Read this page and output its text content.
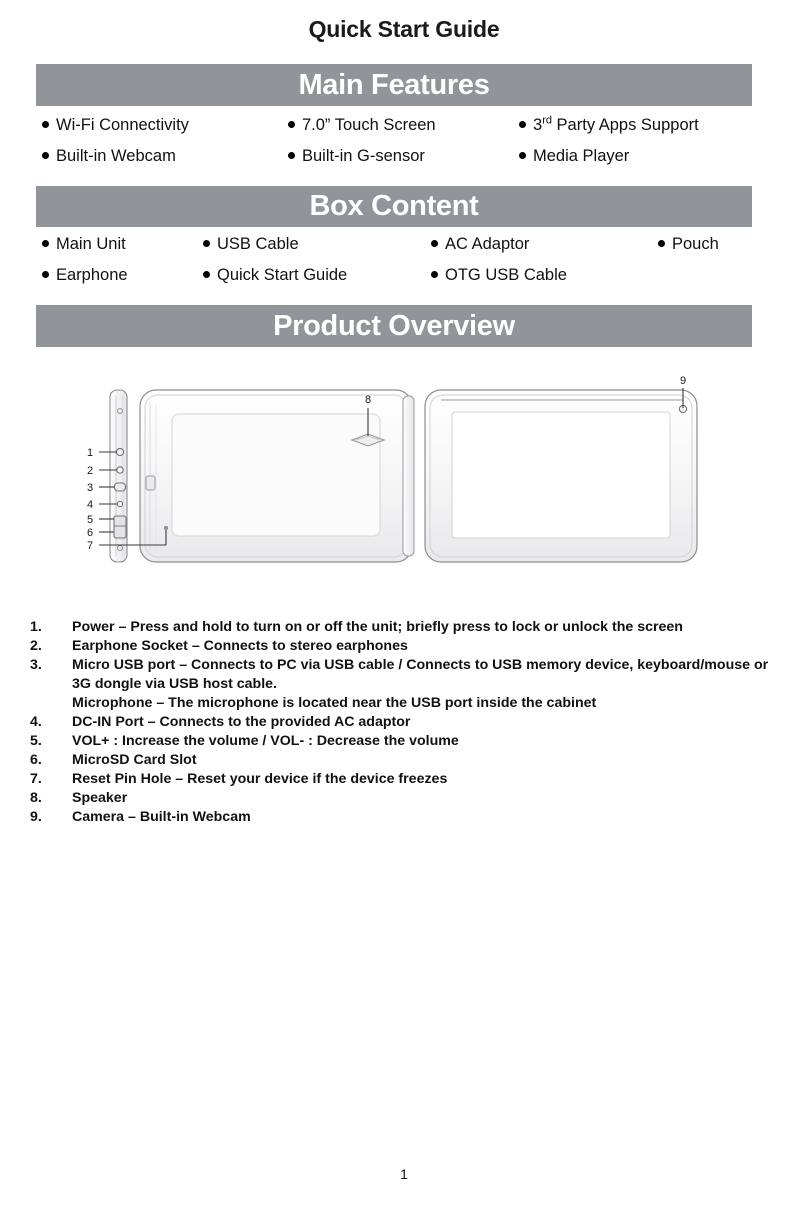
Quick Start Guide
Main Features
Wi-Fi Connectivity	7.0” Touch Screen	3rd Party Apps Support
Built-in Webcam	Built-in G-sensor	Media Player
Box Content
Main Unit	USB Cable	AC Adaptor	Pouch
Earphone	Quick Start Guide	OTG USB Cable
Product Overview
1
2
3
4
5
6
7
8
9
1.	Power – Press and hold to turn on or off the unit; briefly press to lock or unlock the screen
2.	Earphone Socket – Connects to stereo earphones
3.	Micro USB port – Connects to PC via USB cable / Connects to USB memory device, keyboard/mouse or 3G dongle via USB host cable.
Microphone – The microphone is located near the USB port inside the cabinet
4.	DC-IN Port – Connects to the provided AC adaptor
5.	VOL+ : Increase the volume / VOL- : Decrease the volume
6.	MicroSD Card Slot
7.	Reset Pin Hole – Reset your device if the device freezes
8.	Speaker
9.	Camera – Built-in Webcam
1
